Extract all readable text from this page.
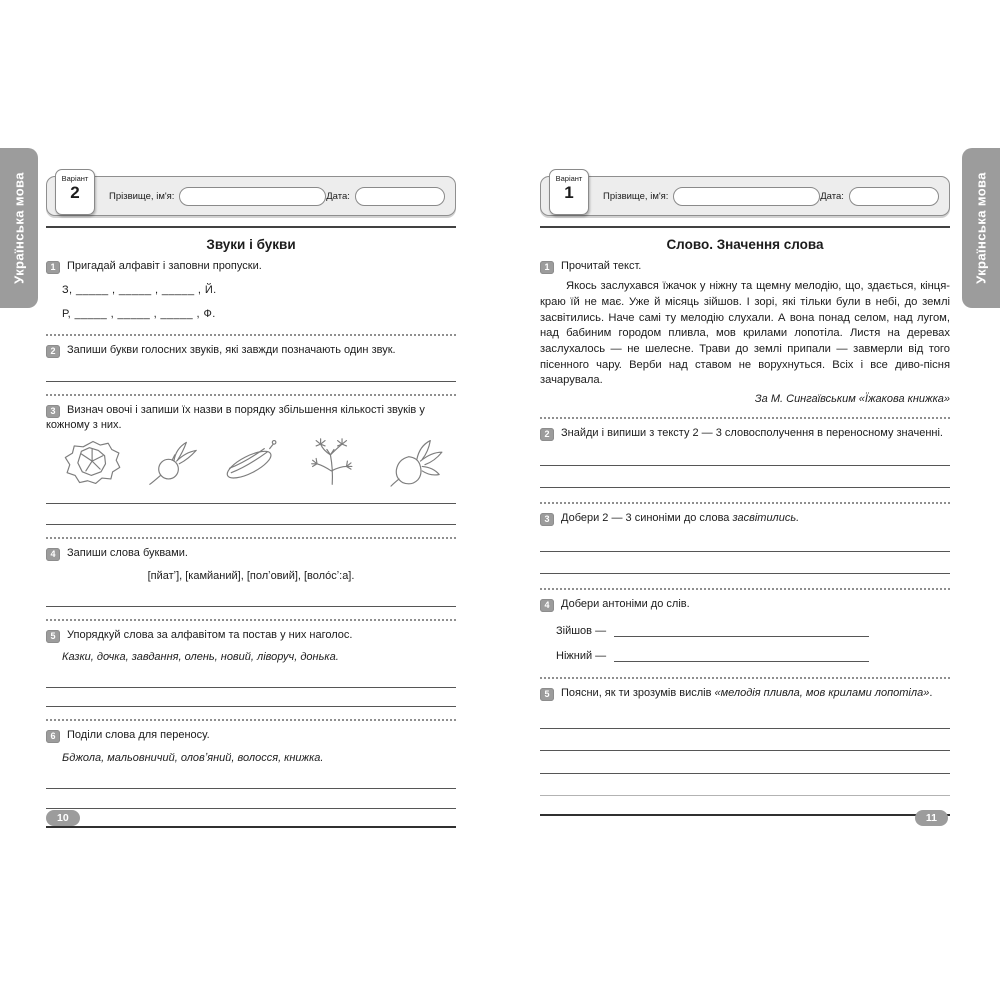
Українська мова	Українська мова
Варіант
2	Прізвище, ім'я:	Дата:
Звуки і букви
1 Пригадай алфавіт і заповни пропуски.
З, _____ , _____ , _____ , Й.
Р, _____ , _____ , _____ , Ф.
2 Запиши букви голосних звуків, які завжди позначають один звук.
3 Визнач овочі і запиши їх назви в порядку збільшення кількості звуків у кожному з них.
4 Запиши слова буквами.
[пйатʼ], [камйаний], [полʼовий], [волóсʼ:а].
5 Упорядкуй слова за алфавітом та постав у них наголос.
Казки, дочка, завдання, олень, новий, ліворуч, донька.
6 Поділи слова для переносу.
Бджола, мальовничий, оловʼяний, волосся, книжка.
10
Варіант
1	Прізвище, ім'я:	Дата:
Слово. Значення слова
1 Прочитай текст.
Якось заслухався їжачок у ніжну та щемну мелодію, що, здається, кінця-краю їй не має. Уже й місяць зійшов. І зорі, які тільки були в небі, до землі засвітились. Наче самі ту мелодію слухали. А вона понад селом, над лугом, над бабиним городом пливла, мов крилами лопотіла. Листя на деревах заслухалось — не шелесне. Трави до землі припали — завмерли від того пісенного чару. Верби над ставом не ворухнуться. Всіх і все диво-пісня зачарувала.
За М. Сингаївським «Їжакова книжка»
2 Знайди і випиши з тексту 2 — 3 словосполучення в переносному значенні.
3 Добери 2 — 3 синоніми до слова засвітились.
4 Добери антоніми до слів.
Зійшов —
Ніжний —
5 Поясни, як ти зрозумів вислів «мелодія пливла, мов крилами лопотіла».
11
